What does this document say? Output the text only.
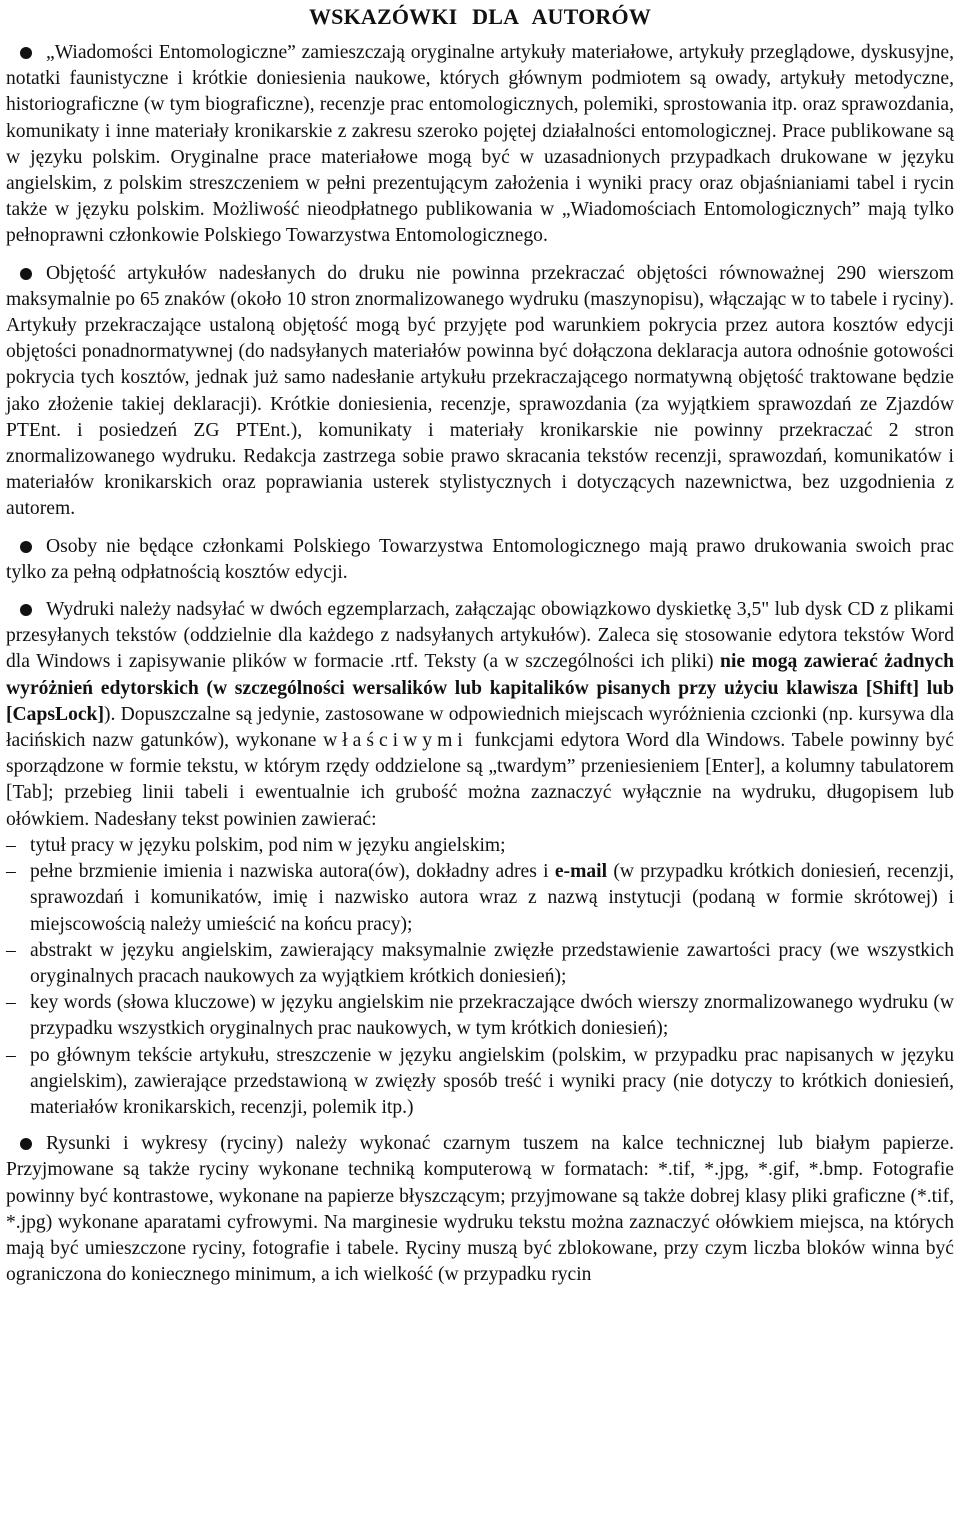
WSKAZÓWKI DLA AUTORÓW

„Wiadomości Entomologiczne” zamieszczają oryginalne artykuły materiałowe, artykuły przeglądowe, dyskusyjne, notatki faunistyczne i krótkie doniesienia naukowe, których głównym podmiotem są owady, artykuły metodyczne, historiograficzne (w tym biograficzne), recenzje prac entomologicznych, polemiki, sprostowania itp. oraz sprawozdania, komunikaty i inne materiały kronikarskie z zakresu szeroko pojętej działalności entomologicznej. Prace publikowane są w języku polskim. Oryginalne prace materiałowe mogą być w uzasadnionych przypadkach drukowane w języku angielskim, z polskim streszczeniem w pełni prezentującym założenia i wyniki pracy oraz objaśnianiami tabel i rycin także w języku polskim. Możliwość nieodpłatnego publikowania w „Wiadomościach Entomologicznych” mają tylko pełnoprawni członkowie Polskiego Towarzystwa Entomologicznego.

Objętość artykułów nadesłanych do druku nie powinna przekraczać objętości równoważnej 290 wierszom maksymalnie po 65 znaków (około 10 stron znormalizowanego wydruku (maszynopisu), włączając w to tabele i ryciny). Artykuły przekraczające ustaloną objętość mogą być przyjęte pod warunkiem pokrycia przez autora kosztów edycji objętości ponadnormatywnej (do nadsyłanych materiałów powinna być dołączona deklaracja autora odnośnie gotowości pokrycia tych kosztów, jednak już samo nadesłanie artykułu przekraczającego normatywną objętość traktowane będzie jako złożenie takiej deklaracji). Krótkie doniesienia, recenzje, sprawozdania (za wyjątkiem sprawozdań ze Zjazdów PTEnt. i posiedzeń ZG PTEnt.), komunikaty i materiały kronikarskie nie powinny przekraczać 2 stron znormalizowanego wydruku. Redakcja zastrzega sobie prawo skracania tekstów recenzji, sprawozdań, komunikatów i materiałów kronikarskich oraz poprawiania usterek stylistycznych i dotyczących nazewnictwa, bez uzgodnienia z autorem.

Osoby nie będące członkami Polskiego Towarzystwa Entomologicznego mają prawo drukowania swoich prac tylko za pełną odpłatnością kosztów edycji.

Wydruki należy nadsyłać w dwóch egzemplarzach, załączając obowiązkowo dyskietkę 3,5" lub dysk CD z plikami przesyłanych tekstów (oddzielnie dla każdego z nadsyłanych artykułów). Zaleca się stosowanie edytora tekstów Word dla Windows i zapisywanie plików w formacie .rtf. Teksty (a w szczególności ich pliki) nie mogą zawierać żadnych wyróżnień edytorskich (w szczególności wersalików lub kapitalików pisanych przy użyciu klawisza [Shift] lub [CapsLock]). Dopuszczalne są jedynie, zastosowane w odpowiednich miejscach wyróżnienia czcionki (np. kursywa dla łacińskich nazw gatunków), wykonane właściwymi funkcjami edytora Word dla Windows. Tabele powinny być sporządzone w formie tekstu, w którym rzędy oddzielone są „twardym” przeniesieniem [Enter], a kolumny tabulatorem [Tab]; przebieg linii tabeli i ewentualnie ich grubość można zaznaczyć wyłącznie na wydruku, długopisem lub ołówkiem. Nadesłany tekst powinien zawierać:

– tytuł pracy w języku polskim, pod nim w języku angielskim;
– pełne brzmienie imienia i nazwiska autora(ów), dokładny adres i e-mail (w przypadku krótkich doniesień, recenzji, sprawozdań i komunikatów, imię i nazwisko autora wraz z nazwą instytucji (podaną w formie skrótowej) i miejscowością należy umieścić na końcu pracy);
– abstrakt w języku angielskim, zawierający maksymalnie zwięzłe przedstawienie zawartości pracy (we wszystkich oryginalnych pracach naukowych za wyjątkiem krótkich doniesień);
– key words (słowa kluczowe) w języku angielskim nie przekraczające dwóch wierszy znormalizowanego wydruku (w przypadku wszystkich oryginalnych prac naukowych, w tym krótkich doniesień);
– po głównym tekście artykułu, streszczenie w języku angielskim (polskim, w przypadku prac napisanych w języku angielskim), zawierające przedstawioną w zwięzły sposób treść i wyniki pracy (nie dotyczy to krótkich doniesień, materiałów kronikarskich, recenzji, polemik itp.)

Rysunki i wykresy (ryciny) należy wykonać czarnym tuszem na kalce technicznej lub białym papierze. Przyjmowane są także ryciny wykonane techniką komputerową w formatach: *.tif, *.jpg, *.gif, *.bmp. Fotografie powinny być kontrastowe, wykonane na papierze błyszczącym; przyjmowane są także dobrej klasy pliki graficzne (*.tif, *.jpg) wykonane aparatami cyfrowymi. Na marginesie wydruku tekstu można zaznaczyć ołówkiem miejsca, na których mają być umieszczone ryciny, fotografie i tabele. Ryciny muszą być zblokowane, przy czym liczba bloków winna być ograniczona do koniecznego minimum, a ich wielkość (w przypadku rycin
